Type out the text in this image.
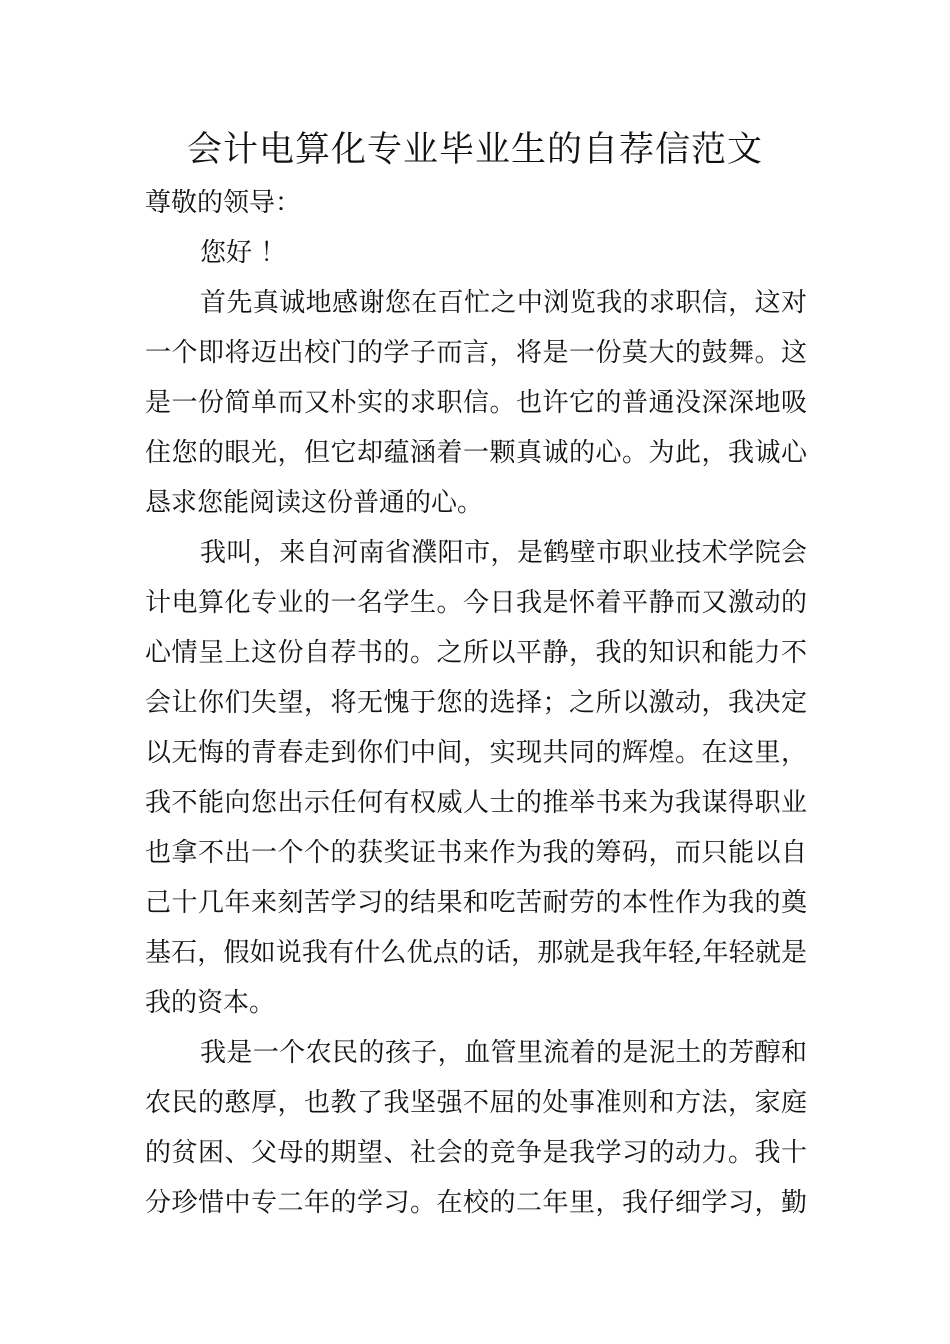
会计电算化专业毕业生的自荐信范文
尊敬的领导：
您好 ！
首先真诚地感谢您在百忙之中浏览我的求职信，这对
一个即将迈出校门的学子而言，将是一份莫大的鼓舞。这
是一份简单而又朴实的求职信。也许它的普通没深深地吸
住您的眼光，但它却蕴涵着一颗真诚的心。为此，我诚心
恳求您能阅读这份普通的心。
我叫，来自河南省濮阳市，是鹤壁市职业技术学院会
计电算化专业的一名学生。今日我是怀着平静而又激动的
心情呈上这份自荐书的。之所以平静，我的知识和能力不
会让你们失望，将无愧于您的选择；之所以激动，我决定
以无悔的青春走到你们中间，实现共同的辉煌。在这里，
我不能向您出示任何有权威人士的推举书来为我谋得职业
也拿不出一个个的获奖证书来作为我的筹码，而只能以自
己十几年来刻苦学习的结果和吃苦耐劳的本性作为我的奠
基石，假如说我有什么优点的话，那就是我年轻,年轻就是
我的资本。
我是一个农民的孩子，血管里流着的是泥土的芳醇和
农民的憨厚，也教了我坚强不屈的处事准则和方法，家庭
的贫困、父母的期望、社会的竞争是我学习的动力。我十
分珍惜中专二年的学习。在校的二年里，我仔细学习，勤
